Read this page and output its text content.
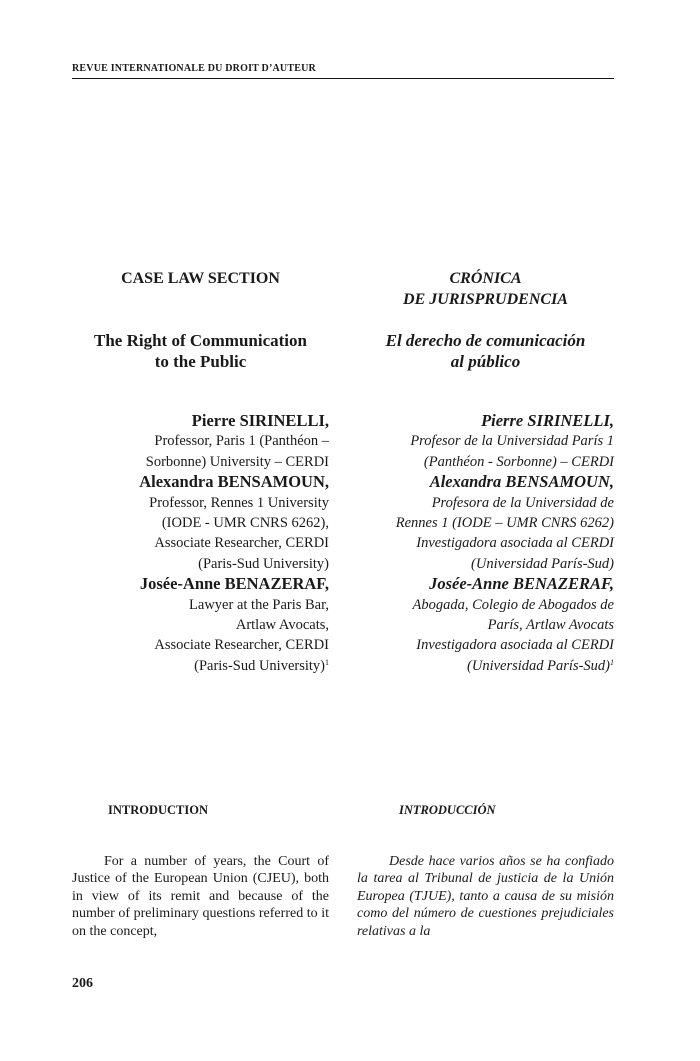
REVUE INTERNATIONALE DU DROIT D’AUTEUR
CASE LAW SECTION
The Right of Communication
to the Public
Pierre SIRINELLI,
Professor, Paris 1 (Panthéon –
Sorbonne) University – CERDI
Alexandra BENSAMOUN,
Professor, Rennes 1 University
(IODE - UMR CNRS 6262),
Associate Researcher, CERDI
(Paris-Sud University)
Josée-Anne BENAZERAF,
Lawyer at the Paris Bar,
Artlaw Avocats,
Associate Researcher, CERDI
(Paris-Sud University)$^1$
INTRODUCTION
For a number of years, the Court of Justice of the European Union (CJEU), both in view of its remit and because of the number of preliminary questions referred to it on the concept,
CRÓNICA
DE JURISPRUDENCIA
El derecho de comunicación
al público
Pierre SIRINELLI,
Profesor de la Universidad París 1
(Panthéon - Sorbonne) – CERDI
Alexandra BENSAMOUN,
Profesora de la Universidad de
Rennes 1 (IODE – UMR CNRS 6262)
Investigadora asociada al CERDI
(Universidad París-Sud)
Josée-Anne BENAZERAF,
Abogada, Colegio de Abogados de
París, Artlaw Avocats
Investigadora asociada al CERDI
(Universidad París-Sud)$^1$
INTRODUCCIÓN
Desde hace varios años se ha confiado la tarea al Tribunal de justicia de la Unión Europea (TJUE), tanto a causa de su misión como del número de cuestiones prejudiciales relativas a la
206
